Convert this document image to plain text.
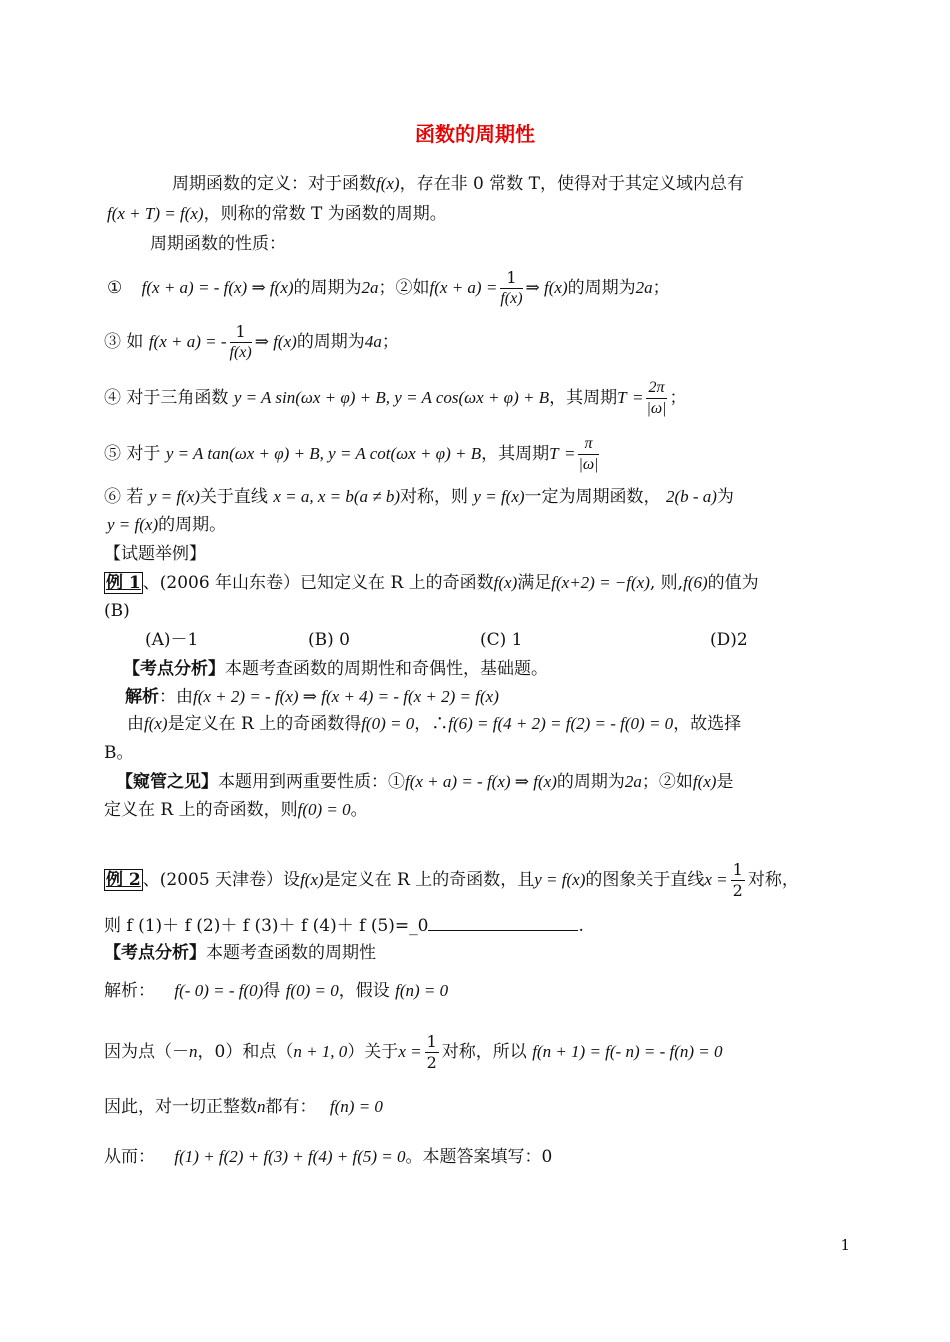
函数的周期性
周期函数的定义：对于函数f(x)，存在非 0 常数 T，使得对于其定义域内总有
f(x + T) = f(x)，则称的常数 T 为函数的周期。
周期函数的性质：
① f(x + a) = - f(x) ⇒ f(x)的周期为2a；②如$f(x + a) = \frac{1}{f(x)}$ ⇒ f(x)的周期为2a；
③ 如 f(x + a) = - $\frac{1}{f(x)}$ ⇒ f(x)的周期为4a；
④ 对于三角函数 y = A sin(ωx + φ) + B, y = A cos(ωx + φ) + B，其周期$T = \frac{2\pi}{|\omega|}$ ；
⑤ 对于 y = A tan(ωx + φ) + B, y = A cot(ωx + φ) + B，其周期$T = \frac{\pi}{|\omega|}$
⑥ 若 y = f(x)关于直线 x = a, x = b(a ≠ b)对称，则 y = f(x)一定为周期函数， 2(b - a)为
y = f(x)的周期。
【试题举例】
例 1 、(2006 年山东卷）已知定义在 R 上的奇函数f(x)满足f(x+2) = −f(x), 则,f(6)的值为
(B)
(A)－1	(B) 0	(C) 1	(D)2
【考点分析】本题考查函数的周期性和奇偶性，基础题。
解析：由f(x + 2) = - f(x) ⇒ f(x + 4) = - f(x + 2) = f(x)
由f(x)是定义在 R 上的奇函数得f(0) = 0，∴f(6) = f(4 + 2) = f(2) = - f(0) = 0，故选择
B。
【窥管之见】本题用到两重要性质：①f(x + a) = - f(x) ⇒ f(x)的周期为2a；②如f(x)是
定义在 R 上的奇函数，则f(0) = 0。
例 2 、(2005 天津卷）设f(x)是定义在 R 上的奇函数，且y = f(x)的图象关于直线$x = \frac{1}{2}$ 对称，
则 f (1)＋ f (2)＋ f (3)＋ f (4)＋ f (5)=_0	.
【考点分析】本题考查函数的周期性
解析： f(- 0) = - f(0)得 f(0) = 0，假设 f(n) = 0
因为点（－n，0）和点（n + 1, 0）关于$x = \frac{1}{2}$ 对称，所以 f(n + 1) = f(- n) = - f(n) = 0
因此，对一切正整数n都有： f(n) = 0
从而： f(1) + f(2) + f(3) + f(4) + f(5) = 0。本题答案填写：0
1
